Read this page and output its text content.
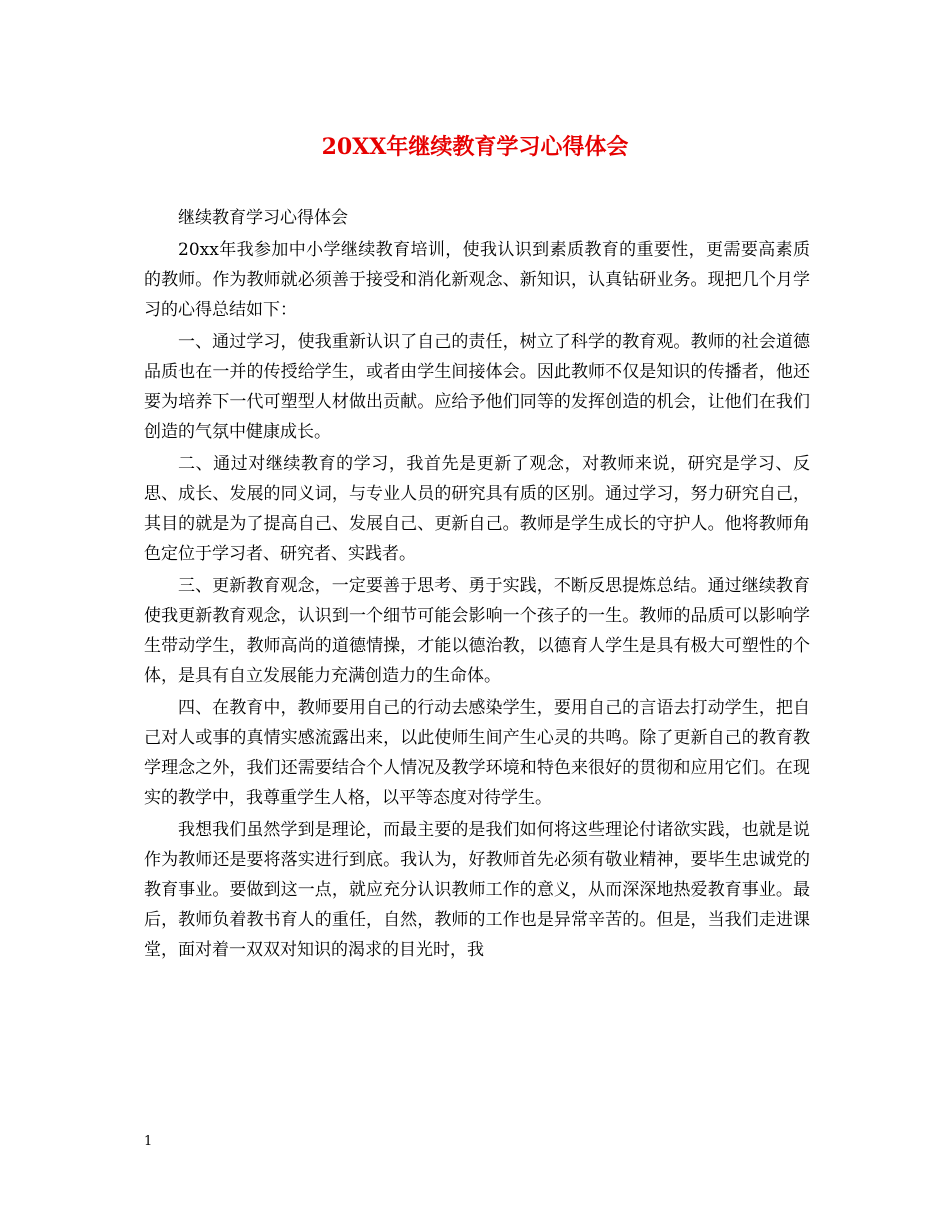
20XX年继续教育学习心得体会

继续教育学习心得体会

20xx年我参加中小学继续教育培训，使我认识到素质教育的重要性，更需要高素质的教师。作为教师就必须善于接受和消化新观念、新知识，认真钻研业务。现把几个月学习的心得总结如下：

一、通过学习，使我重新认识了自己的责任，树立了科学的教育观。教师的社会道德品质也在一并的传授给学生，或者由学生间接体会。因此教师不仅是知识的传播者，他还要为培养下一代可塑型人材做出贡献。应给予他们同等的发挥创造的机会，让他们在我们创造的气氛中健康成长。

二、通过对继续教育的学习，我首先是更新了观念，对教师来说，研究是学习、反思、成长、发展的同义词，与专业人员的研究具有质的区别。通过学习，努力研究自己，其目的就是为了提高自己、发展自己、更新自己。教师是学生成长的守护人。他将教师角色定位于学习者、研究者、实践者。

三、更新教育观念，一定要善于思考、勇于实践，不断反思提炼总结。通过继续教育使我更新教育观念，认识到一个细节可能会影响一个孩子的一生。教师的品质可以影响学生带动学生，教师高尚的道德情操，才能以德治教，以德育人学生是具有极大可塑性的个体，是具有自立发展能力充满创造力的生命体。

四、在教育中，教师要用自己的行动去感染学生，要用自己的言语去打动学生，把自己对人或事的真情实感流露出来，以此使师生间产生心灵的共鸣。除了更新自己的教育教学理念之外，我们还需要结合个人情况及教学环境和特色来很好的贯彻和应用它们。在现实的教学中，我尊重学生人格，以平等态度对待学生。

我想我们虽然学到是理论，而最主要的是我们如何将这些理论付诸欲实践，也就是说作为教师还是要将落实进行到底。我认为，好教师首先必须有敬业精神，要毕生忠诚党的教育事业。要做到这一点，就应充分认识教师工作的意义，从而深深地热爱教育事业。最后，教师负着教书育人的重任，自然，教师的工作也是异常辛苦的。但是，当我们走进课堂，面对着一双双对知识的渴求的目光时，我

1
